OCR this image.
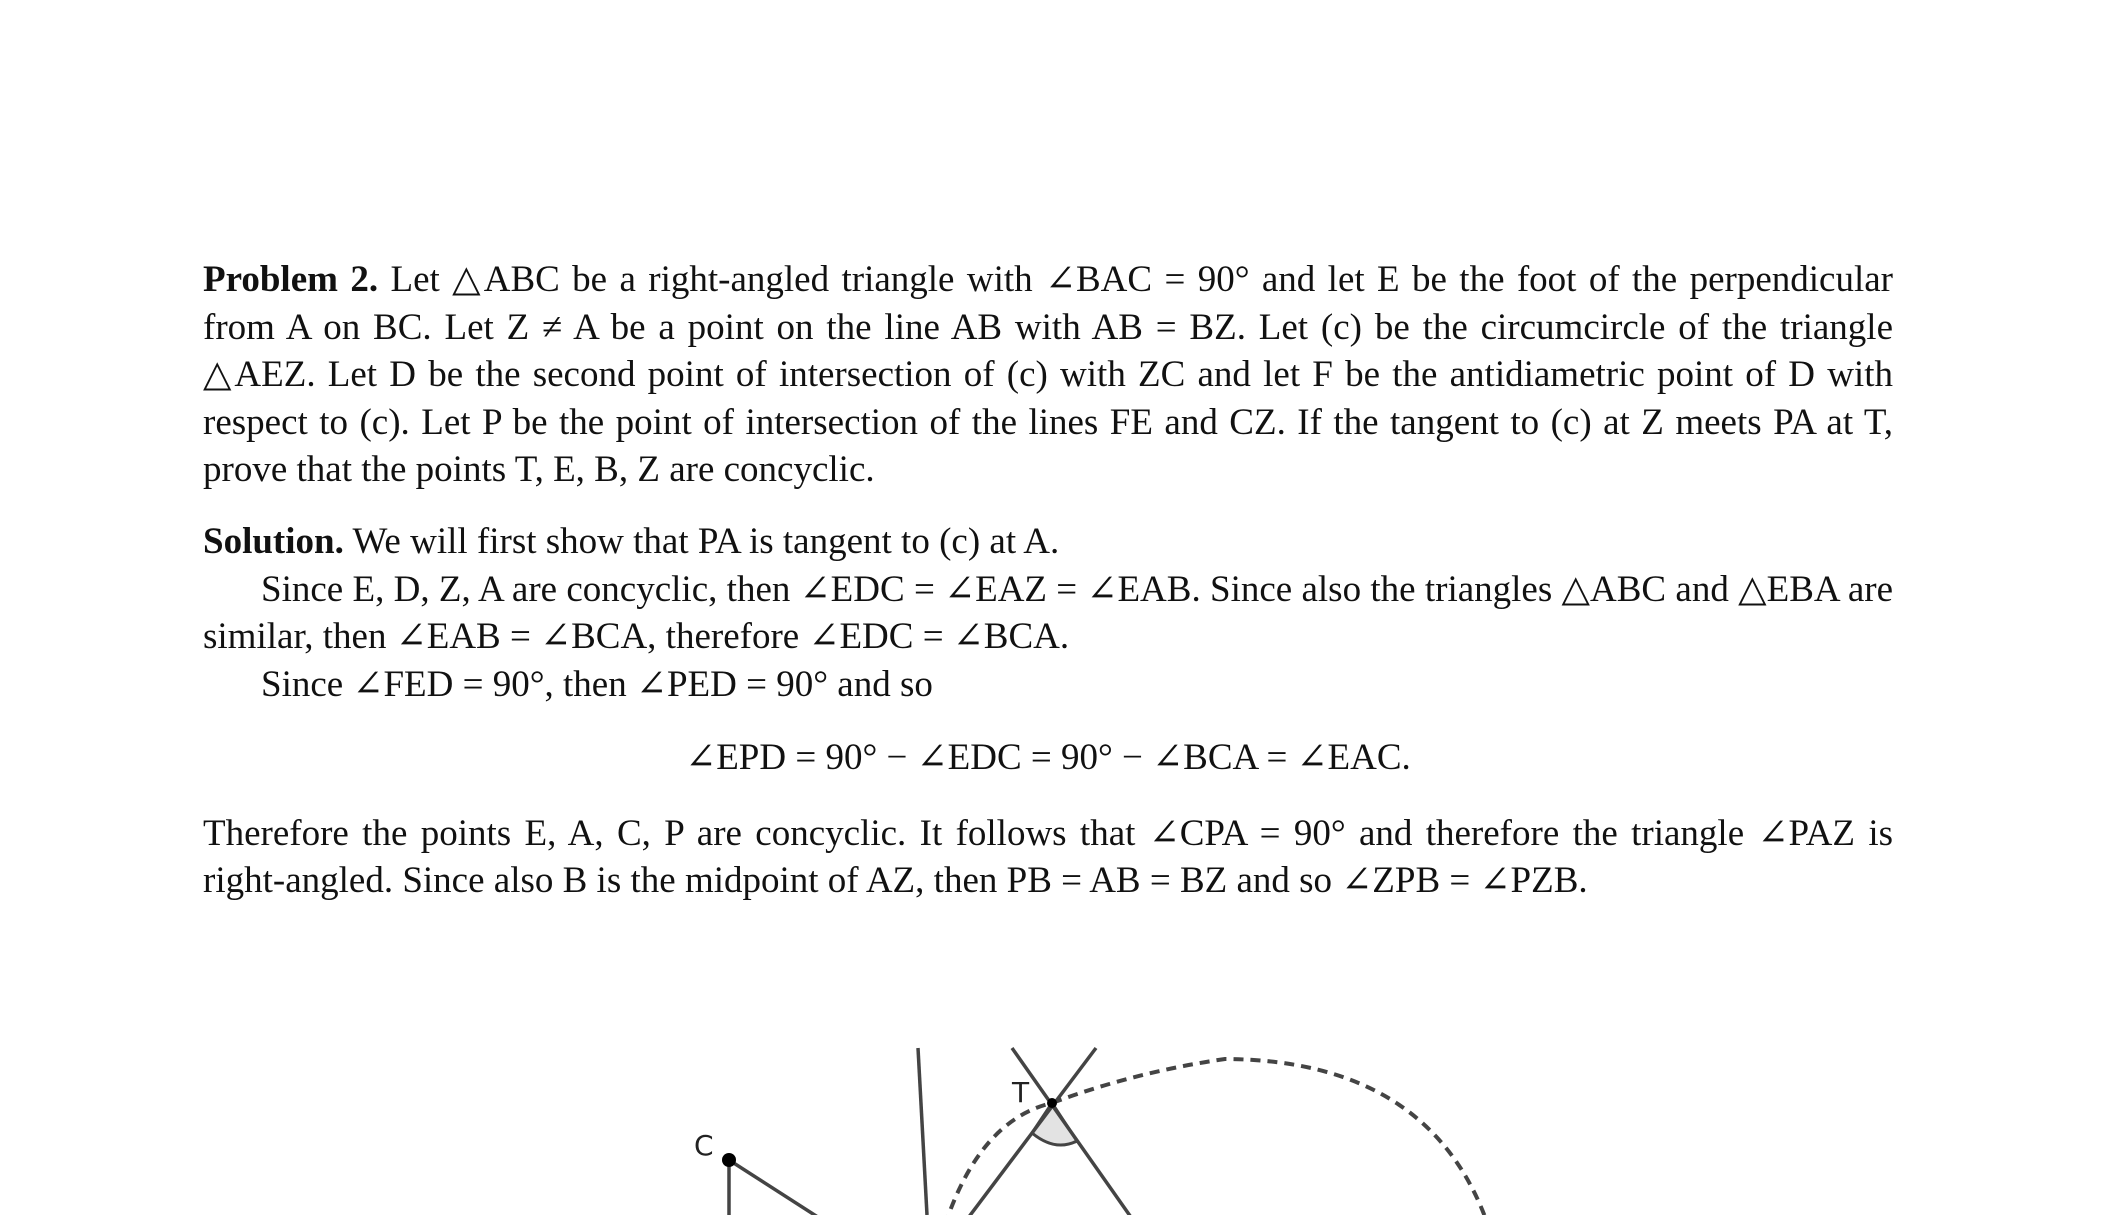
Problem 2. Let △ABC be a right-angled triangle with ∠BAC = 90° and let E be the foot of the perpendicular from A on BC. Let Z ≠ A be a point on the line AB with AB = BZ. Let (c) be the circumcircle of the triangle △AEZ. Let D be the second point of intersection of (c) with ZC and let F be the antidiametric point of D with respect to (c). Let P be the point of intersection of the lines FE and CZ. If the tangent to (c) at Z meets PA at T, prove that the points T, E, B, Z are concyclic.

Solution. We will first show that PA is tangent to (c) at A.

Since E, D, Z, A are concyclic, then ∠EDC = ∠EAZ = ∠EAB. Since also the triangles △ABC and △EBA are similar, then ∠EAB = ∠BCA, therefore ∠EDC = ∠BCA.

Since ∠FED = 90°, then ∠PED = 90° and so

∠EPD = 90° − ∠EDC = 90° − ∠BCA = ∠EAC.

Therefore the points E, A, C, P are concyclic. It follows that ∠CPA = 90° and therefore the triangle ∠PAZ is right-angled. Since also B is the midpoint of AZ, then PB = AB = BZ and so ∠ZPB = ∠PZB.

C
T
